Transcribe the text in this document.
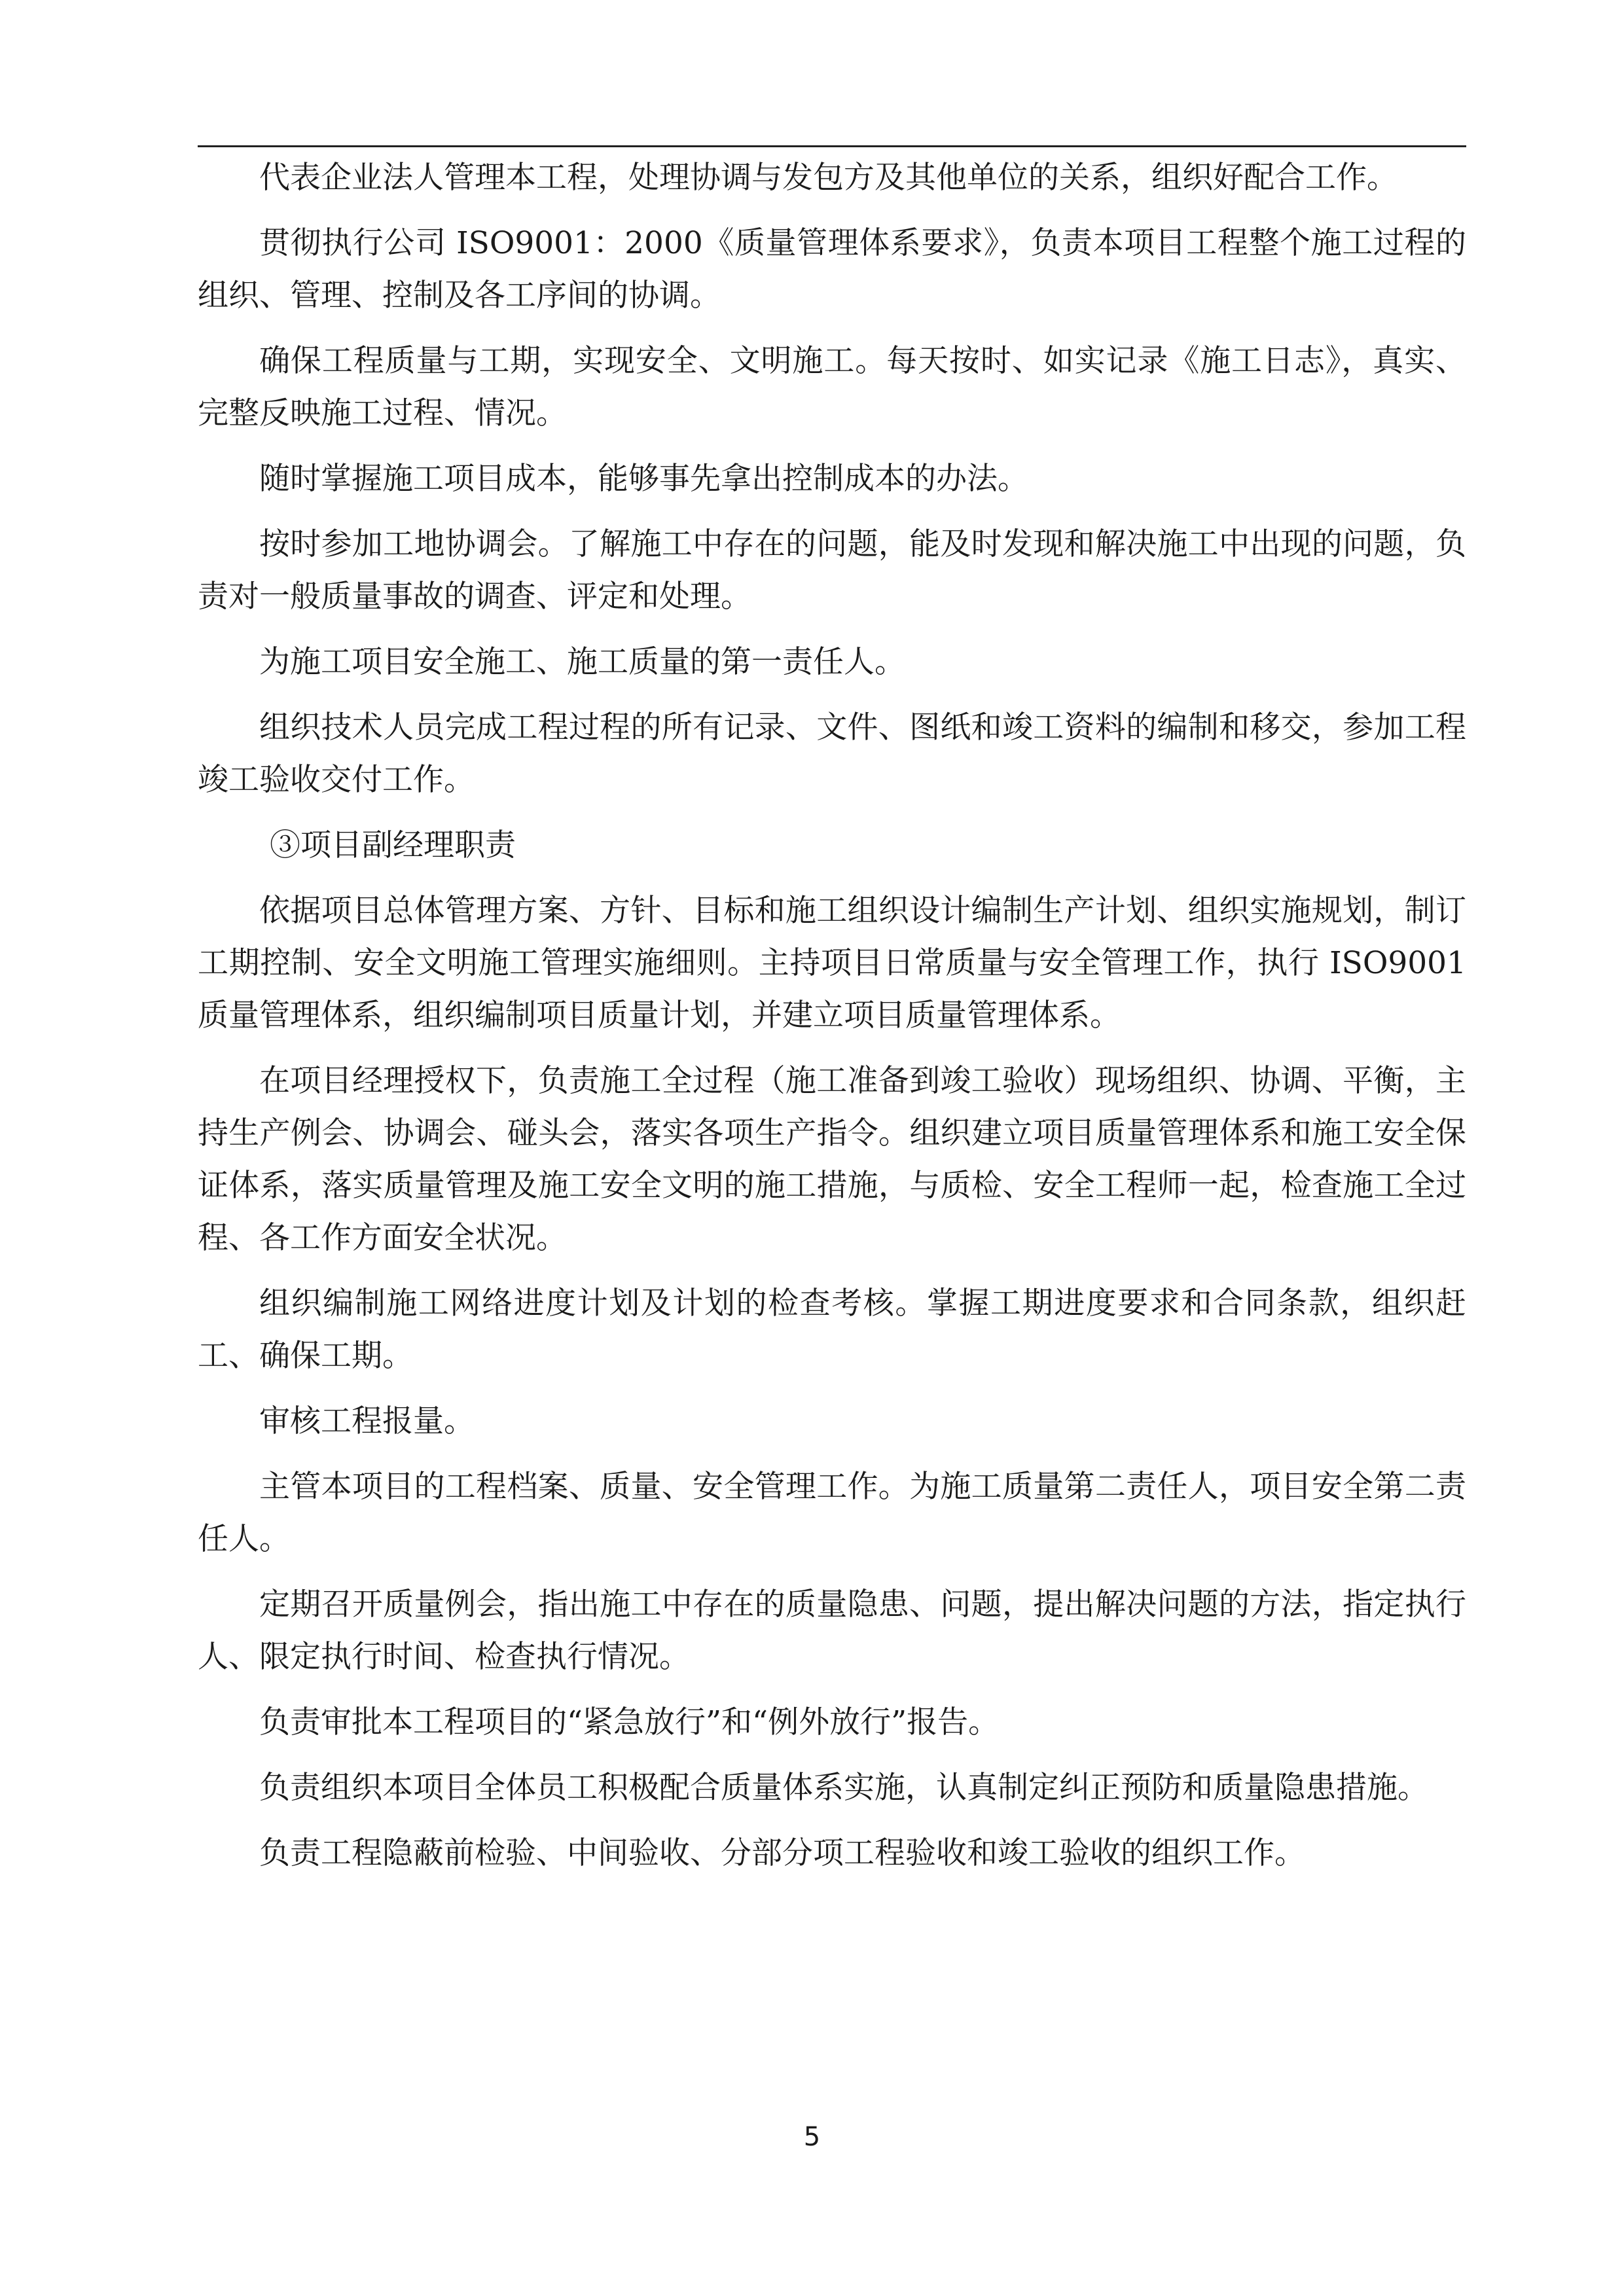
代表企业法人管理本工程，处理协调与发包方及其他单位的关系，组织好配合工作。

贯彻执行公司 ISO9001：2000《质量管理体系要求》，负责本项目工程整个施工过程的组织、管理、控制及各工序间的协调。

确保工程质量与工期，实现安全、文明施工。每天按时、如实记录《施工日志》，真实、完整反映施工过程、情况。

随时掌握施工项目成本，能够事先拿出控制成本的办法。

按时参加工地协调会。了解施工中存在的问题，能及时发现和解决施工中出现的问题，负责对一般质量事故的调查、评定和处理。

为施工项目安全施工、施工质量的第一责任人。

组织技术人员完成工程过程的所有记录、文件、图纸和竣工资料的编制和移交，参加工程竣工验收交付工作。

③项目副经理职责

依据项目总体管理方案、方针、目标和施工组织设计编制生产计划、组织实施规划，制订工期控制、安全文明施工管理实施细则。主持项目日常质量与安全管理工作，执行 ISO9001 质量管理体系，组织编制项目质量计划，并建立项目质量管理体系。

在项目经理授权下，负责施工全过程（施工准备到竣工验收）现场组织、协调、平衡，主持生产例会、协调会、碰头会，落实各项生产指令。组织建立项目质量管理体系和施工安全保证体系，落实质量管理及施工安全文明的施工措施，与质检、安全工程师一起，检查施工全过程、各工作方面安全状况。

组织编制施工网络进度计划及计划的检查考核。掌握工期进度要求和合同条款，组织赶工、确保工期。

审核工程报量。

主管本项目的工程档案、质量、安全管理工作。为施工质量第二责任人，项目安全第二责任人。

定期召开质量例会，指出施工中存在的质量隐患、问题，提出解决问题的方法，指定执行人、限定执行时间、检查执行情况。

负责审批本工程项目的“紧急放行”和“例外放行”报告。

负责组织本项目全体员工积极配合质量体系实施，认真制定纠正预防和质量隐患措施。

负责工程隐蔽前检验、中间验收、分部分项工程验收和竣工验收的组织工作。

5
